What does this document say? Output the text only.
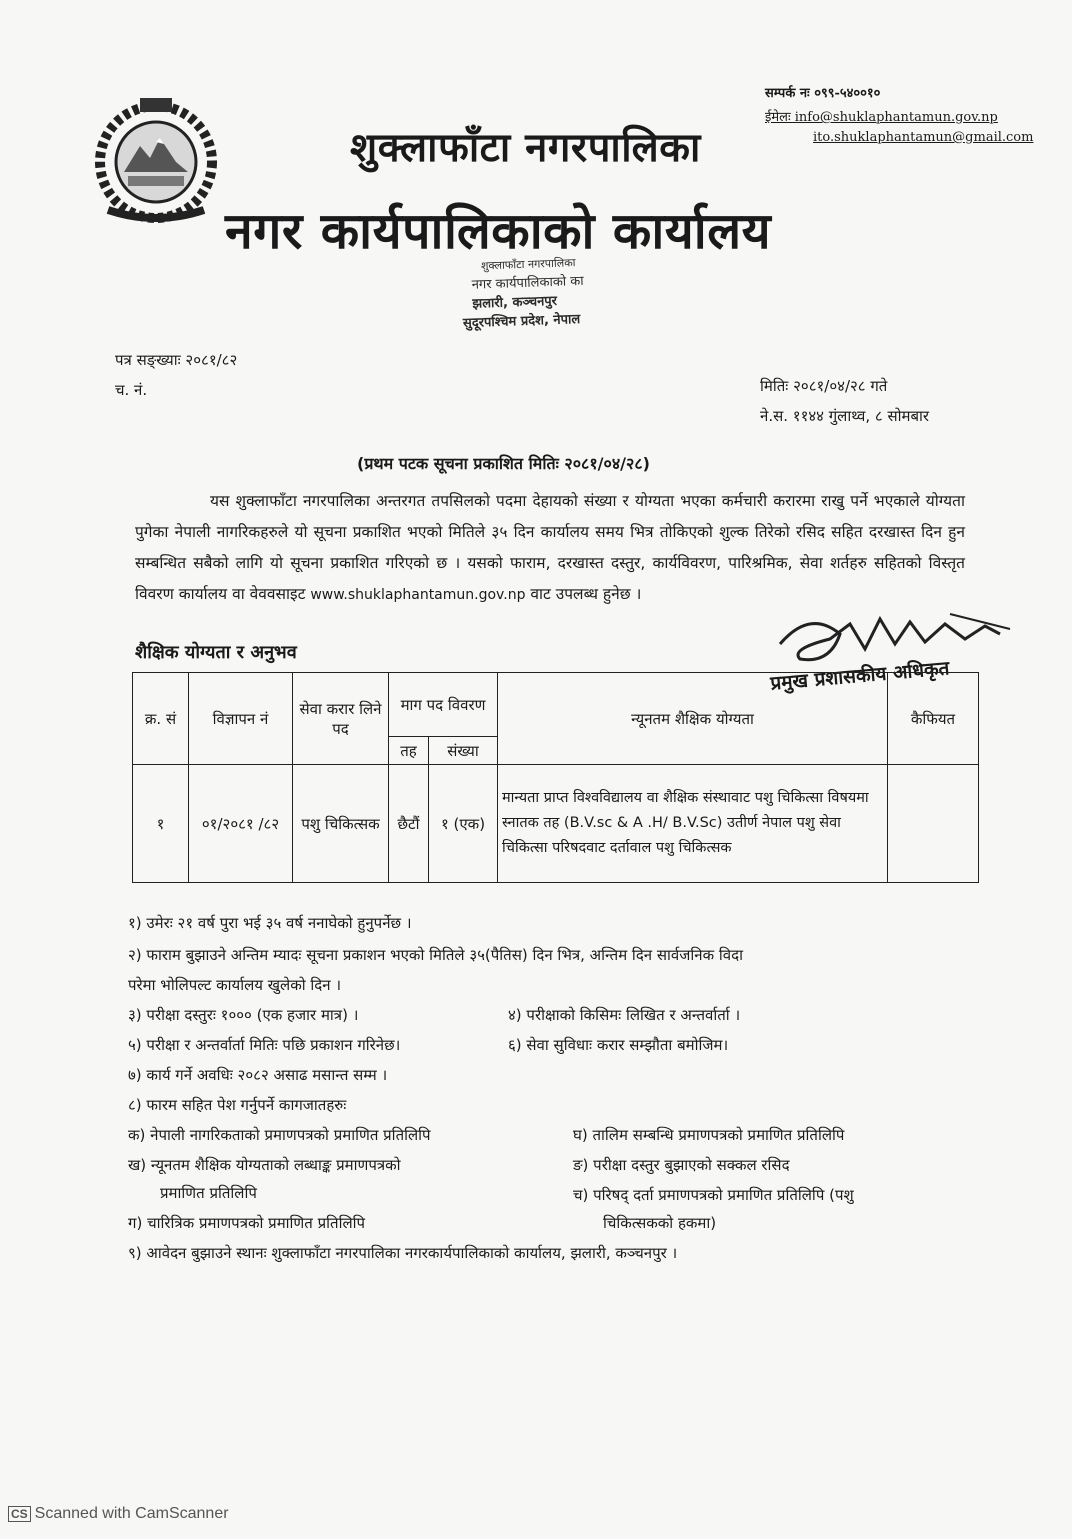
सम्पर्क नः ०९९-५४००१०
ईमेलः info@shuklaphantamun.gov.np
ito.shuklaphantamun@gmail.com
शुक्लाफाँटा नगरपालिका
नगर कार्यपालिकाको कार्यालय
शुक्लाफाँटा नगरपालिका
नगर कार्यपालिकाको का
झलारी, कञ्चनपुर
सुदूरपश्चिम प्रदेश, नेपाल
पत्र सङ्ख्याः २०८१/८२
च. नं.	मितिः २०८१/०४/२८ गते
ने.स. ११४४ गुंलाथ्व, ८ सोमबार
(प्रथम पटक सूचना प्रकाशित मितिः २०८१/०४/२८)
यस शुक्लाफाँटा नगरपालिका अन्तरगत तपसिलको पदमा देहायको संख्या र योग्यता भएका कर्मचारी करारमा राखु पर्ने भएकाले योग्यता पुगेका नेपाली नागरिकहरुले यो सूचना प्रकाशित भएको मितिले ३५ दिन कार्यालय समय भित्र तोकिएको शुल्क तिरेको रसिद सहित दरखास्त दिन हुन सम्बन्धित सबैको लागि यो सूचना प्रकाशित गरिएको छ । यसको फाराम, दरखास्त दस्तुर, कार्यविवरण, पारिश्रमिक, सेवा शर्तहरु सहितको विस्तृत विवरण कार्यालय वा वेववसाइट www.shuklaphantamun.gov.np वाट उपलब्ध हुनेछ ।
शैक्षिक योग्यता र अनुभव
प्रमुख प्रशासकीय अधिकृत
क्र. सं	विज्ञापन नं	सेवा करार लिने पद	माग पद विवरण		न्यूनतम शैक्षिक योग्यता	कैफियत
			तह	संख्या		
१	०१/२०८१ /८२	पशु चिकित्सक	छैटौं	१ (एक)	मान्यता प्राप्त विश्वविद्यालय वा शैक्षिक संस्थावाट पशु चिकित्सा विषयमा स्नातक तह (B.V.sc & A .H/ B.V.Sc) उतीर्ण नेपाल पशु सेवा चिकित्सा परिषदवाट दर्तावाल पशु चिकित्सक	
१) उमेरः २१ वर्ष पुरा भई ३५ वर्ष ननाघेको हुनुपर्नेछ ।
२) फाराम बुझाउने अन्तिम म्यादः सूचना प्रकाशन भएको मितिले ३५(पैतिस) दिन भित्र, अन्तिम दिन सार्वजनिक विदा
परेमा भोलिपल्ट कार्यालय खुलेको दिन ।
३) परीक्षा दस्तुरः १००० (एक हजार मात्र) ।	४) परीक्षाको किसिमः लिखित र अन्तर्वार्ता ।
५) परीक्षा र अन्तर्वार्ता मितिः पछि प्रकाशन गरिनेछ।	६) सेवा सुविधाः करार सम्झौता बमोजिम।
७) कार्य गर्ने अवधिः २०८२ असाढ मसान्त सम्म ।
८) फारम सहित पेश गर्नुपर्ने कागजातहरुः
क) नेपाली नागरिकताको प्रमाणपत्रको प्रमाणित प्रतिलिपि
ख) न्यूनतम शैक्षिक योग्यताको लब्धाङ्क प्रमाणपत्रको
प्रमाणित प्रतिलिपि
ग) चारित्रिक प्रमाणपत्रको प्रमाणित प्रतिलिपि
घ) तालिम सम्बन्धि प्रमाणपत्रको प्रमाणित प्रतिलिपि
ङ) परीक्षा दस्तुर बुझाएको सक्कल रसिद
च) परिषद् दर्ता प्रमाणपत्रको प्रमाणित प्रतिलिपि (पशु
चिकित्सकको हकमा)
९) आवेदन बुझाउने स्थानः शुक्लाफाँटा नगरपालिका नगरकार्यपालिकाको कार्यालय, झलारी, कञ्चनपुर ।
CS Scanned with CamScanner
